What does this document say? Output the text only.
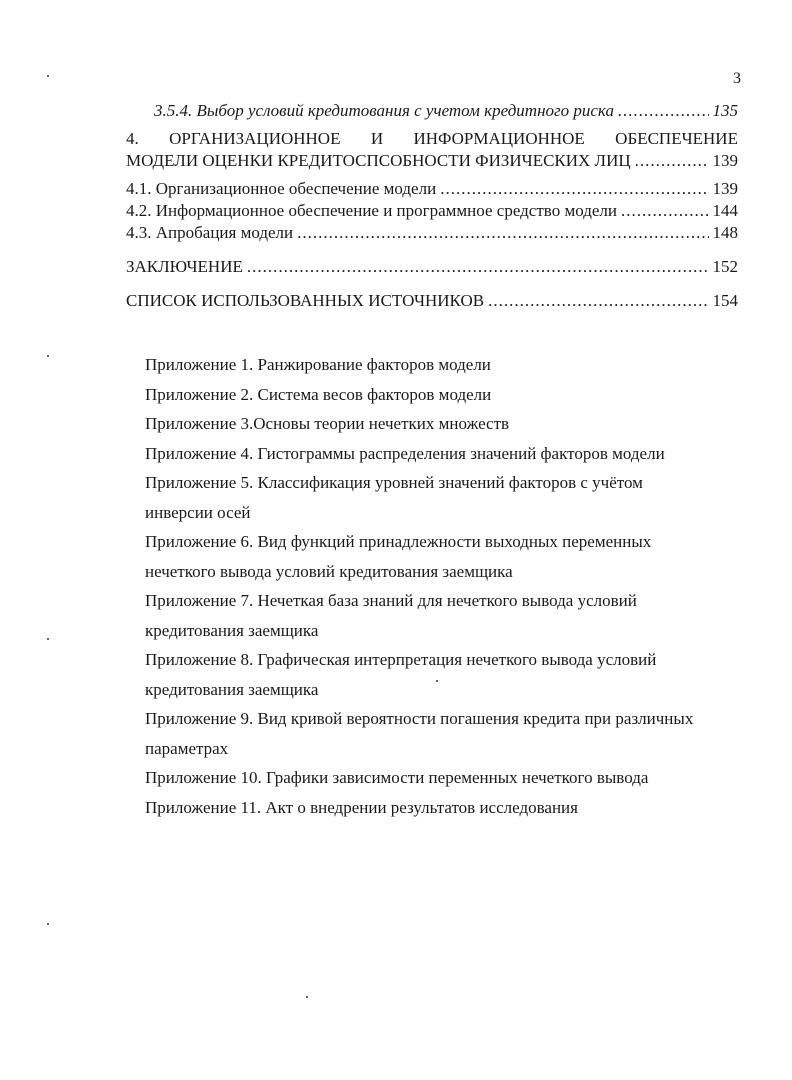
3
3.5.4. Выбор условий кредитования с учетом кредитного риска .....	135
4. ОРГАНИЗАЦИОННОЕ И ИНФОРМАЦИОННОЕ ОБЕСПЕЧЕНИЕ
МОДЕЛИ ОЦЕНКИ КРЕДИТОСПСОБНОСТИ ФИЗИЧЕСКИХ ЛИЦ .....	139
4.1. Организационное обеспечение модели .....	139
4.2. Информационное обеспечение и программное средство модели .....	144
4.3. Апробация модели .....	148
ЗАКЛЮЧЕНИЕ .....	152
СПИСОК ИСПОЛЬЗОВАННЫХ ИСТОЧНИКОВ .....	154

Приложение 1. Ранжирование факторов модели

Приложение 2. Система весов факторов модели

Приложение 3.Основы теории нечетких множеств

Приложение 4. Гистограммы распределения значений факторов модели

Приложение 5. Классификация уровней значений факторов с учётом

инверсии осей

Приложение 6. Вид функций принадлежности выходных переменных

нечеткого вывода условий кредитования заемщика

Приложение 7. Нечеткая база знаний для нечеткого вывода условий

кредитования заемщика

Приложение 8. Графическая интерпретация нечеткого вывода условий

кредитования заемщика

Приложение 9. Вид кривой вероятности погашения кредита при различных

параметрах

Приложение 10. Графики зависимости переменных нечеткого вывода

Приложение 11. Акт о внедрении результатов исследования
